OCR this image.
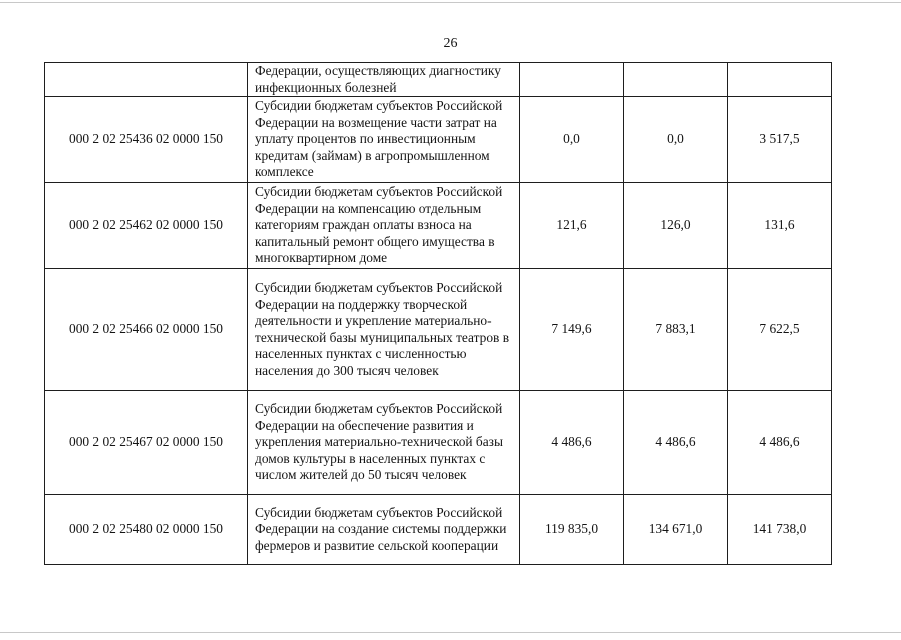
26

	Федерации, осуществляющих диагностику инфекционных болезней			

000 2 02 25436 02 0000 150	Субсидии бюджетам субъектов Российской Федерации на возмещение части затрат на уплату процентов по инвестиционным кредитам (займам) в агропромышленном комплексе	0,0	0,0	3 517,5
000 2 02 25462 02 0000 150	Субсидии бюджетам субъектов Российской Федерации на компенсацию отдельным категориям граждан оплаты взноса на капитальный ремонт общего имущества в многоквартирном доме	121,6	126,0	131,6
000 2 02 25466 02 0000 150	Субсидии бюджетам субъектов Российской Федерации на поддержку творческой деятельности и укрепление материально-технической базы муниципальных театров в населенных пунктах с численностью населения до 300 тысяч человек	7 149,6	7 883,1	7 622,5
000 2 02 25467 02 0000 150	Субсидии бюджетам субъектов Российской Федерации на обеспечение развития и укрепления материально-технической базы домов культуры в населенных пунктах с числом жителей до 50 тысяч человек	4 486,6	4 486,6	4 486,6
000 2 02 25480 02 0000 150	Субсидии бюджетам субъектов Российской Федерации на создание системы поддержки фермеров и развитие сельской кооперации	119 835,0	134 671,0	141 738,0
